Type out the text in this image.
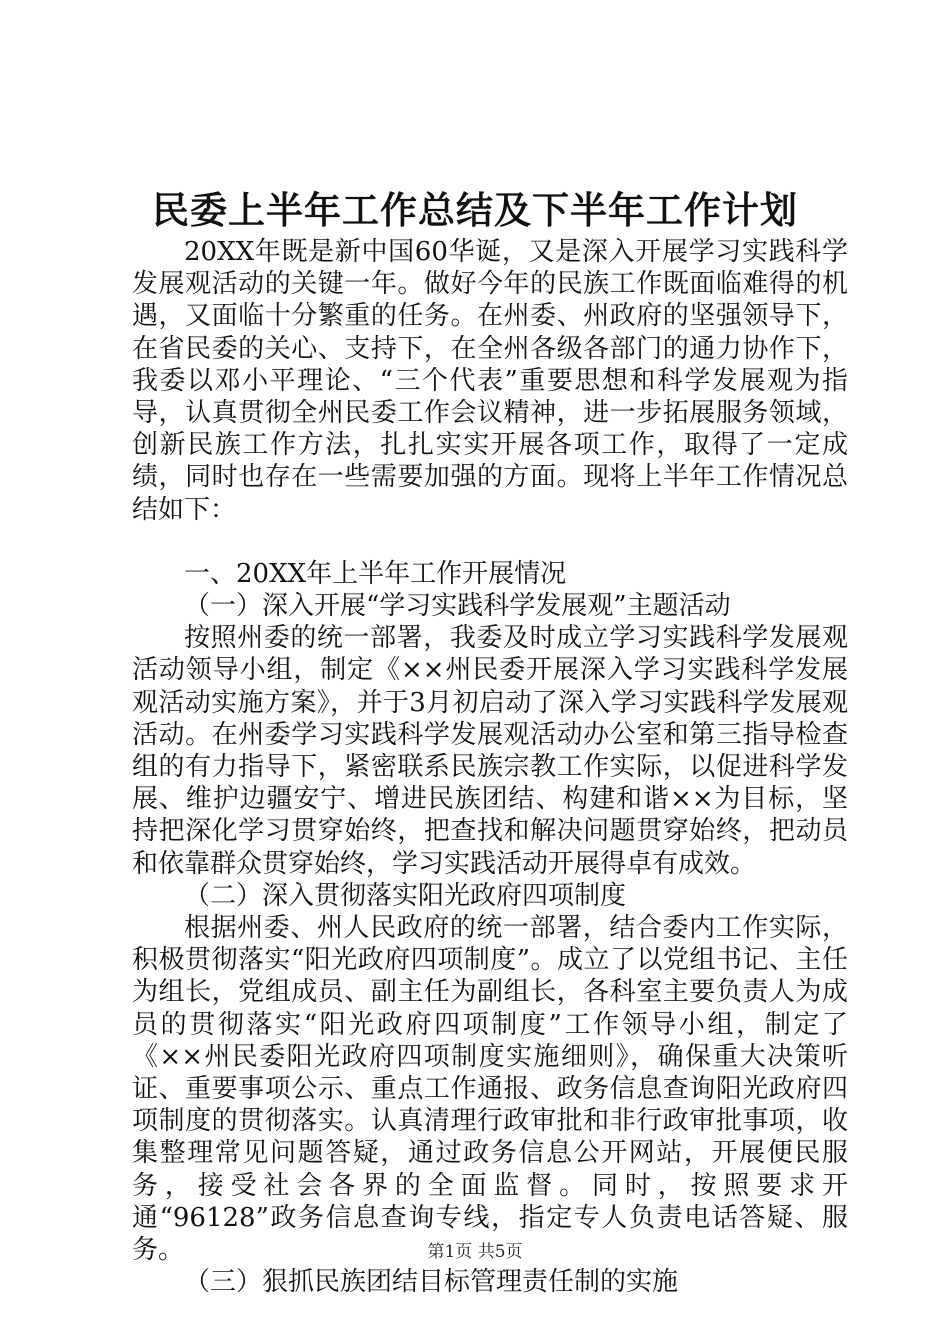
民委上半年工作总结及下半年工作计划

20XX年既是新中国60华诞，又是深入开展学习实践科学发展观活动的关键一年。做好今年的民族工作既面临难得的机遇，又面临十分繁重的任务。在州委、州政府的坚强领导下，在省民委的关心、支持下，在全州各级各部门的通力协作下，我委以邓小平理论、“三个代表”重要思想和科学发展观为指导，认真贯彻全州民委工作会议精神，进一步拓展服务领域，创新民族工作方法，扎扎实实开展各项工作，取得了一定成绩，同时也存在一些需要加强的方面。现将上半年工作情况总结如下：

一、20XX年上半年工作开展情况

（一）深入开展“学习实践科学发展观”主题活动

按照州委的统一部署，我委及时成立学习实践科学发展观活动领导小组，制定《××州民委开展深入学习实践科学发展观活动实施方案》，并于3月初启动了深入学习实践科学发展观活动。在州委学习实践科学发展观活动办公室和第三指导检查组的有力指导下，紧密联系民族宗教工作实际，以促进科学发展、维护边疆安宁、增进民族团结、构建和谐××为目标，坚持把深化学习贯穿始终，把查找和解决问题贯穿始终，把动员和依靠群众贯穿始终，学习实践活动开展得卓有成效。

（二）深入贯彻落实阳光政府四项制度

根据州委、州人民政府的统一部署，结合委内工作实际，积极贯彻落实“阳光政府四项制度”。成立了以党组书记、主任为组长，党组成员、副主任为副组长，各科室主要负责人为成员的贯彻落实“阳光政府四项制度”工作领导小组，制定了《××州民委阳光政府四项制度实施细则》，确保重大决策听证、重要事项公示、重点工作通报、政务信息查询阳光政府四项制度的贯彻落实。认真清理行政审批和非行政审批事项，收集整理常见问题答疑，通过政务信息公开网站，开展便民服务，接受社会各界的全面监督。同时，按照要求开通“96128”政务信息查询专线，指定专人负责电话答疑、服务。

（三）狠抓民族团结目标管理责任制的实施

第1页 共5页
